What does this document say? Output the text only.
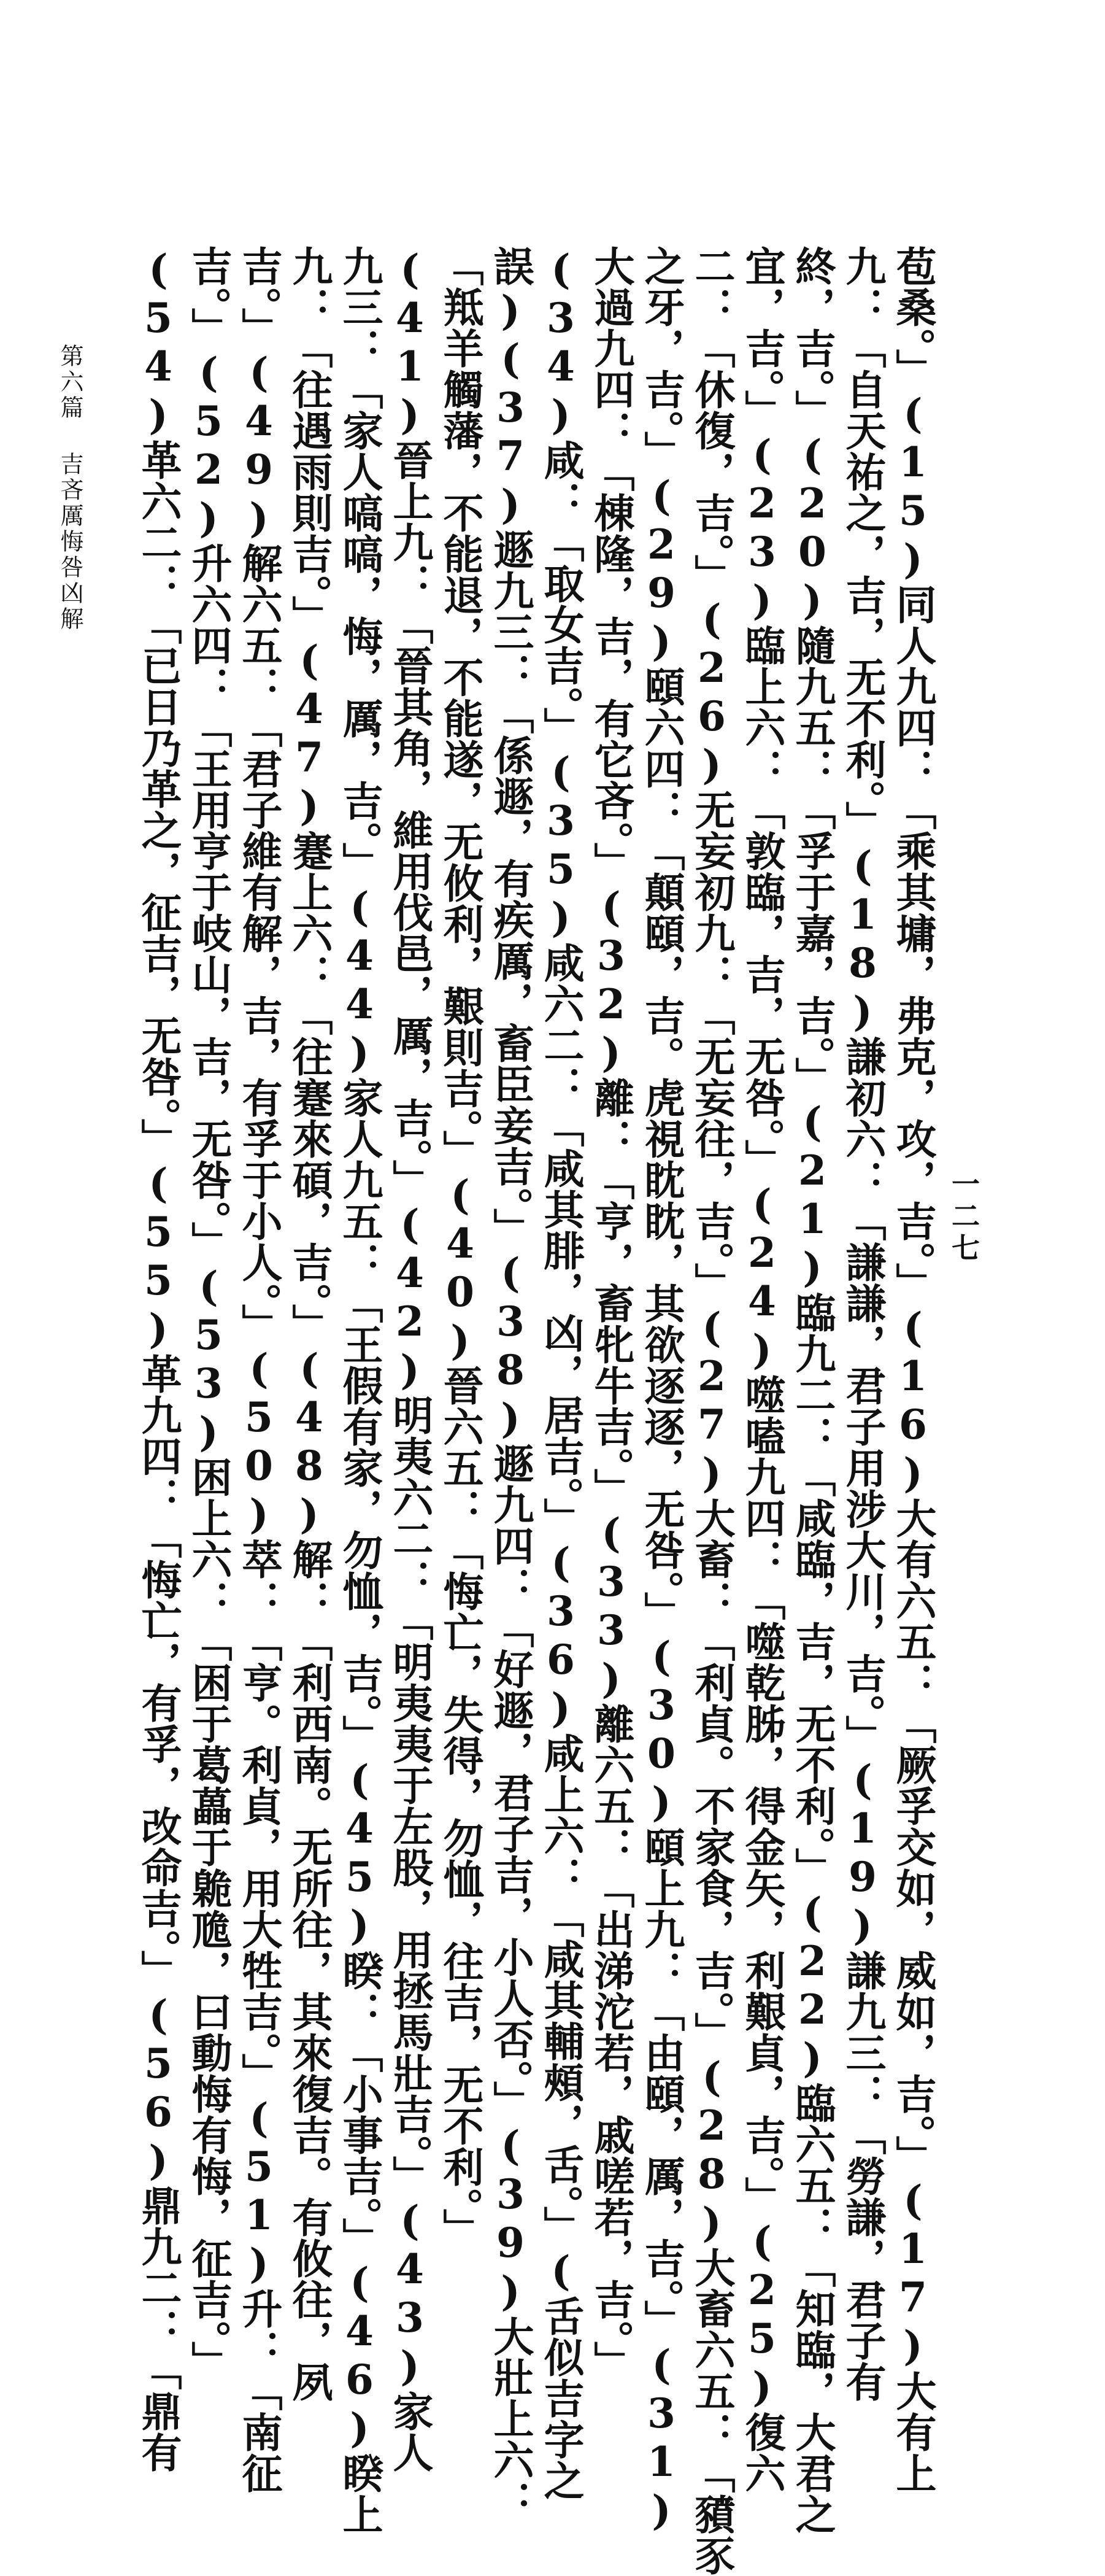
一二七
苞桑。」(15)同人九四：「乘其墉，弗克，攻，吉。」(16)大有六五：「厥孚交如，威如，吉。」(17)大有上
九：「自天祐之，吉，无不利。」(18)謙初六：「謙謙，君子用涉大川，吉。」(19)謙九三：「勞謙，君子有
終，吉。」(20)隨九五：「孚于嘉，吉。」(21)臨九二：「咸臨，吉，无不利。」(22)臨六五：「知臨，大君之
宜，吉。」(23)臨上六：「敦臨，吉，无咎。」(24)噬嗑九四：「噬乾胏，得金矢，利艱貞，吉。」(25)復六
二：「休復，吉。」(26)无妄初九：「无妄往，吉。」(27)大畜：「利貞。不家食，吉。」(28)大畜六五：「豶豕
之牙，吉。」(29)頤六四：「顛頤，吉。虎視眈眈，其欲逐逐，无咎。」(30)頤上九：「由頤，厲，吉。」(31)
大過九四：「棟隆，吉，有它吝。」(32)離：「亨，畜牝牛吉。」(33)離六五：「出涕沱若，戚嗟若，吉。」
(34)咸：「取女吉。」(35)咸六二：「咸其腓，凶，居吉。」(36)咸上六：「咸其輔頰，舌。」(舌似吉字之
誤)(37)遯九三：「係遯，有疾厲，畜臣妾吉。」(38)遯九四：「好遯，君子吉，小人否。」(39)大壯上六：
「羝羊觸藩，不能退，不能遂，无攸利，艱則吉。」(40)晉六五：「悔亡，失得，勿恤，往吉，无不利。」
(41)晉上九：「晉其角，維用伐邑，厲，吉。」(42)明夷六二：「明夷夷于左股，用拯馬壯吉。」(43)家人
九三：「家人嗃嗃，悔，厲，吉。」(44)家人九五：「王假有家，勿恤，吉。」(45)睽：「小事吉。」(46)睽上
九：「往遇雨則吉。」(47)蹇上六：「往蹇來碩，吉。」(48)解：「利西南。无所往，其來復吉。有攸往，夙
吉。」(49)解六五：「君子維有解，吉，有孚于小人。」(50)萃：「亨。利貞，用大牲吉。」(51)升：「南征
吉。」(52)升六四：「王用亨于岐山，吉，无咎。」(53)困上六：「困于葛藟于臲卼，曰動悔有悔，征吉。」
第六篇吉吝厲悔咎凶解 (54)革六二：「已日乃革之，征吉，无咎。」(55)革九四：「悔亡，有孚，改命吉。」(56)鼎九二：「鼎有
